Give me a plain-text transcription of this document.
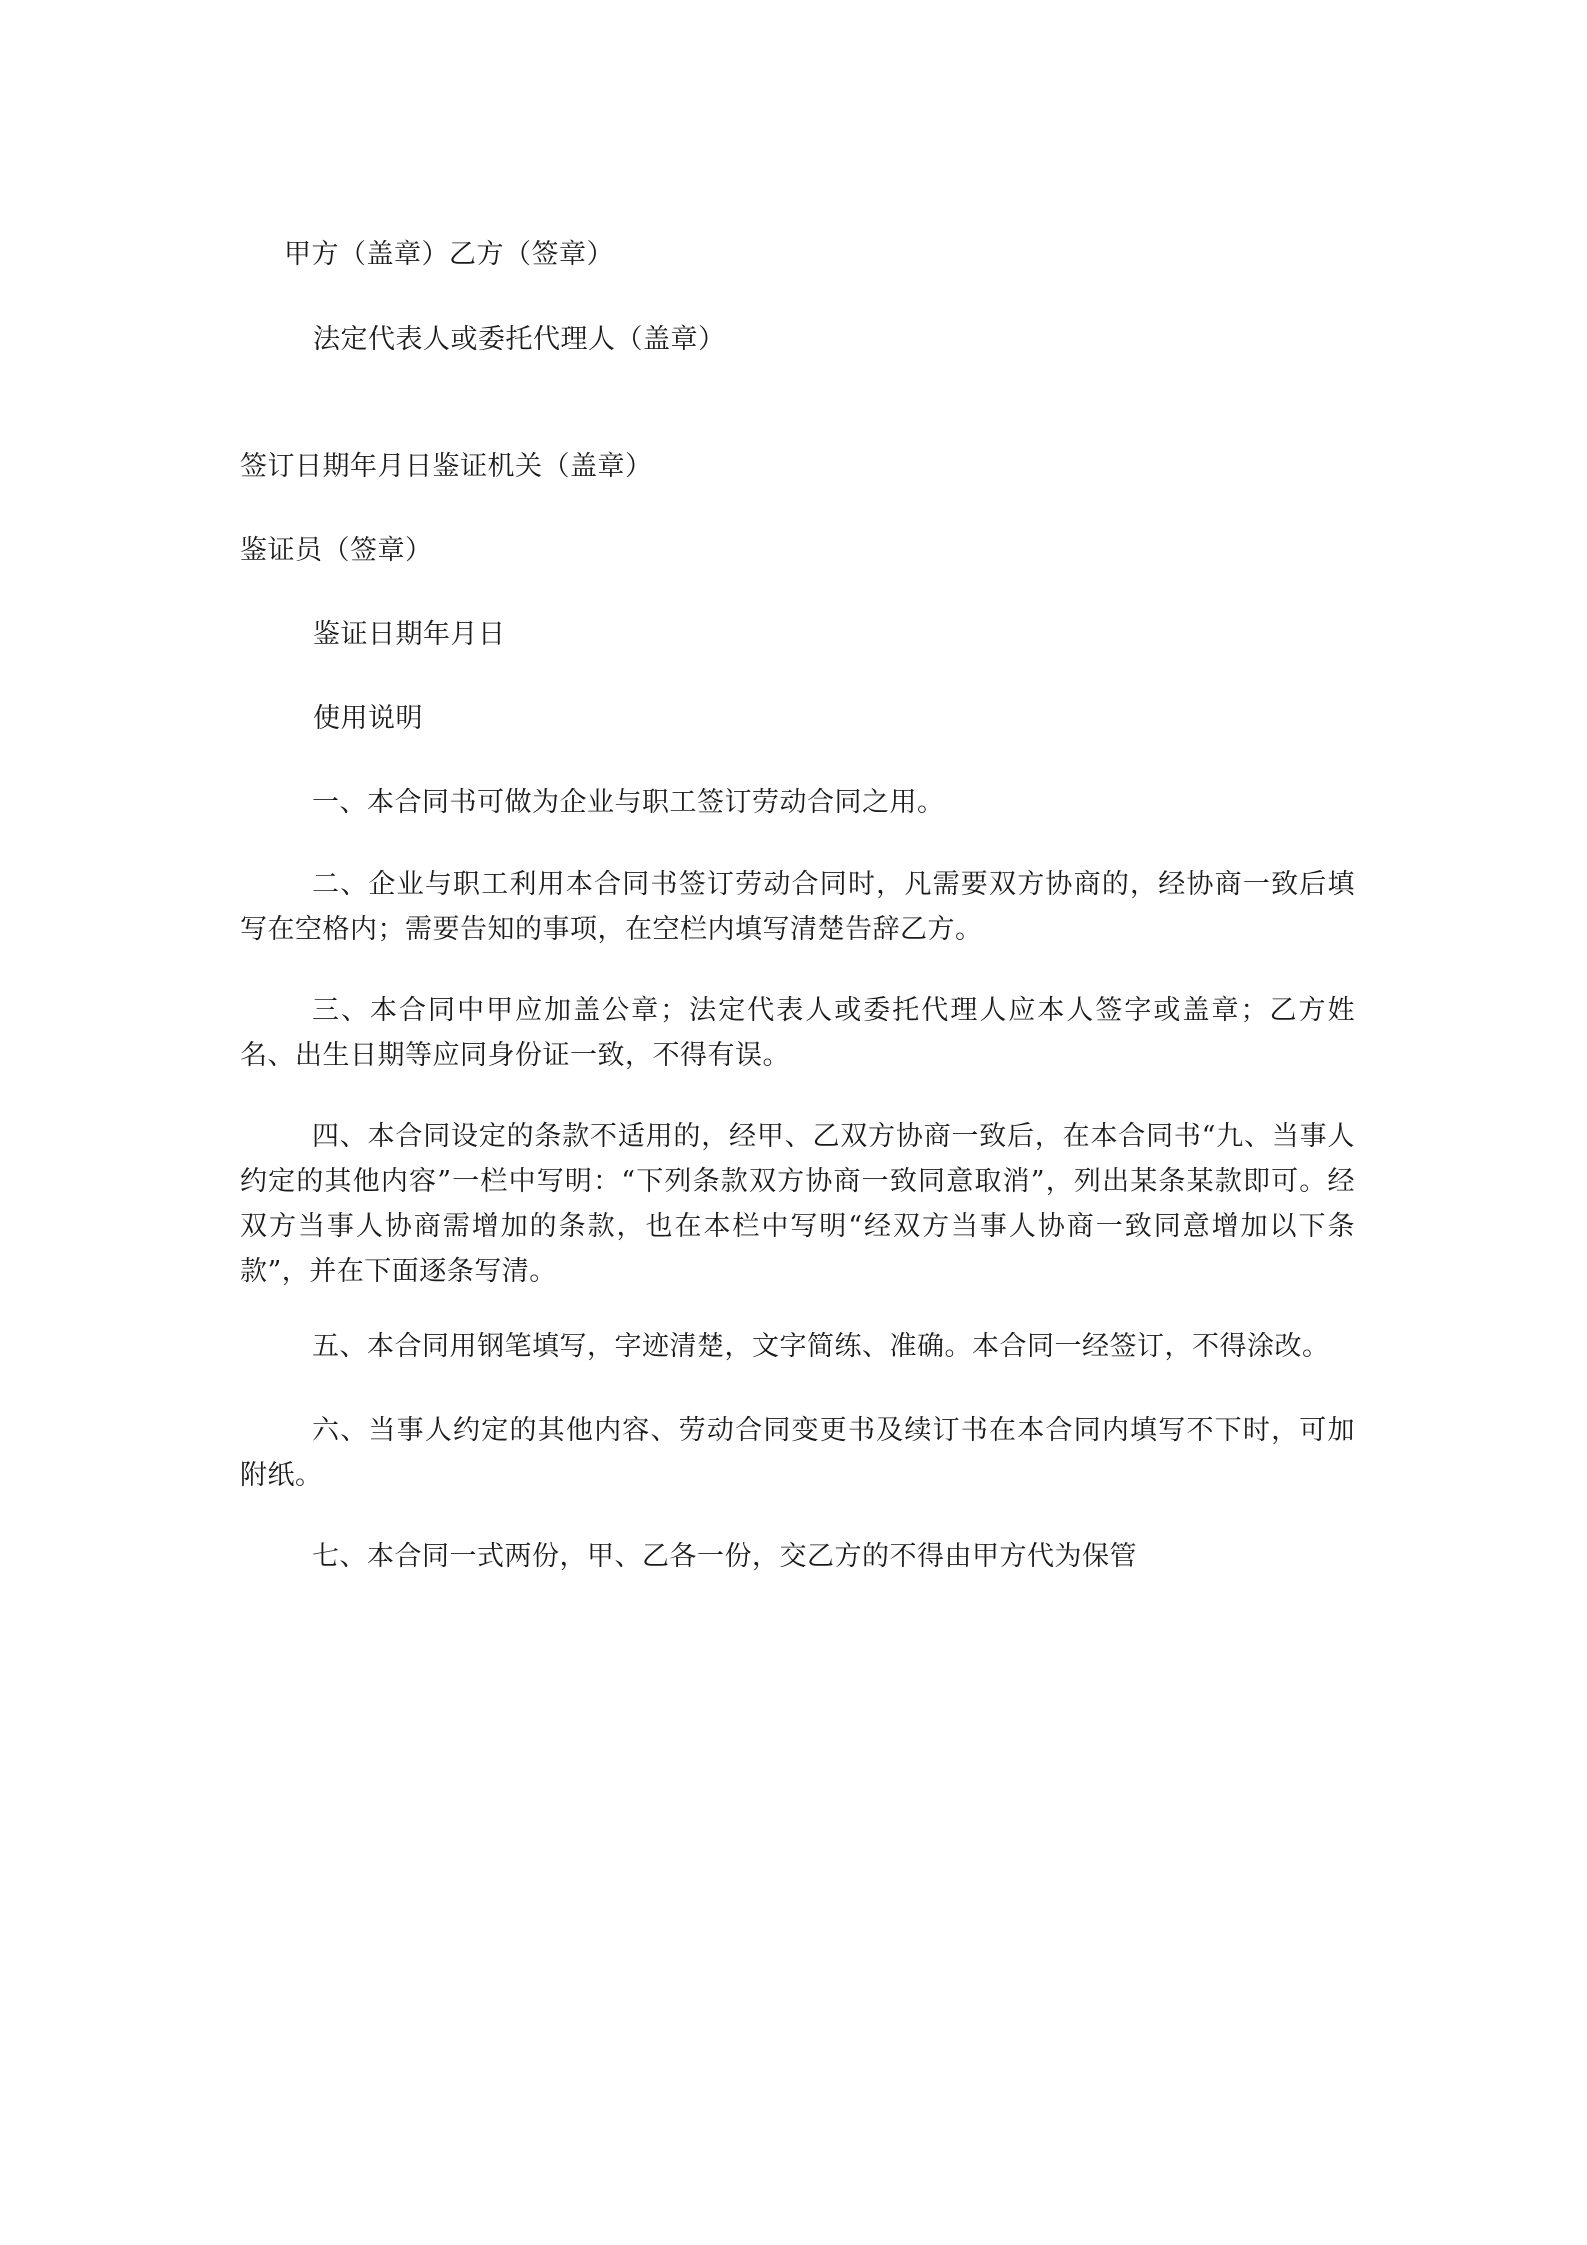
甲方（盖章）乙方（签章）

法定代表人或委托代理人（盖章）

签订日期年月日鉴证机关（盖章）

鉴证员（签章）

鉴证日期年月日

使用说明

一、本合同书可做为企业与职工签订劳动合同之用。

二、企业与职工利用本合同书签订劳动合同时，凡需要双方协商的，经协商一致后填写在空格内；需要告知的事项，在空栏内填写清楚告辞乙方。

三、本合同中甲应加盖公章；法定代表人或委托代理人应本人签字或盖章；乙方姓名、出生日期等应同身份证一致，不得有误。

四、本合同设定的条款不适用的，经甲、乙双方协商一致后，在本合同书“九、当事人约定的其他内容”一栏中写明：“下列条款双方协商一致同意取消”，列出某条某款即可。经双方当事人协商需增加的条款，也在本栏中写明“经双方当事人协商一致同意增加以下条款”，并在下面逐条写清。

五、本合同用钢笔填写，字迹清楚，文字简练、准确。本合同一经签订，不得涂改。

六、当事人约定的其他内容、劳动合同变更书及续订书在本合同内填写不下时，可加附纸。

七、本合同一式两份，甲、乙各一份，交乙方的不得由甲方代为保管
